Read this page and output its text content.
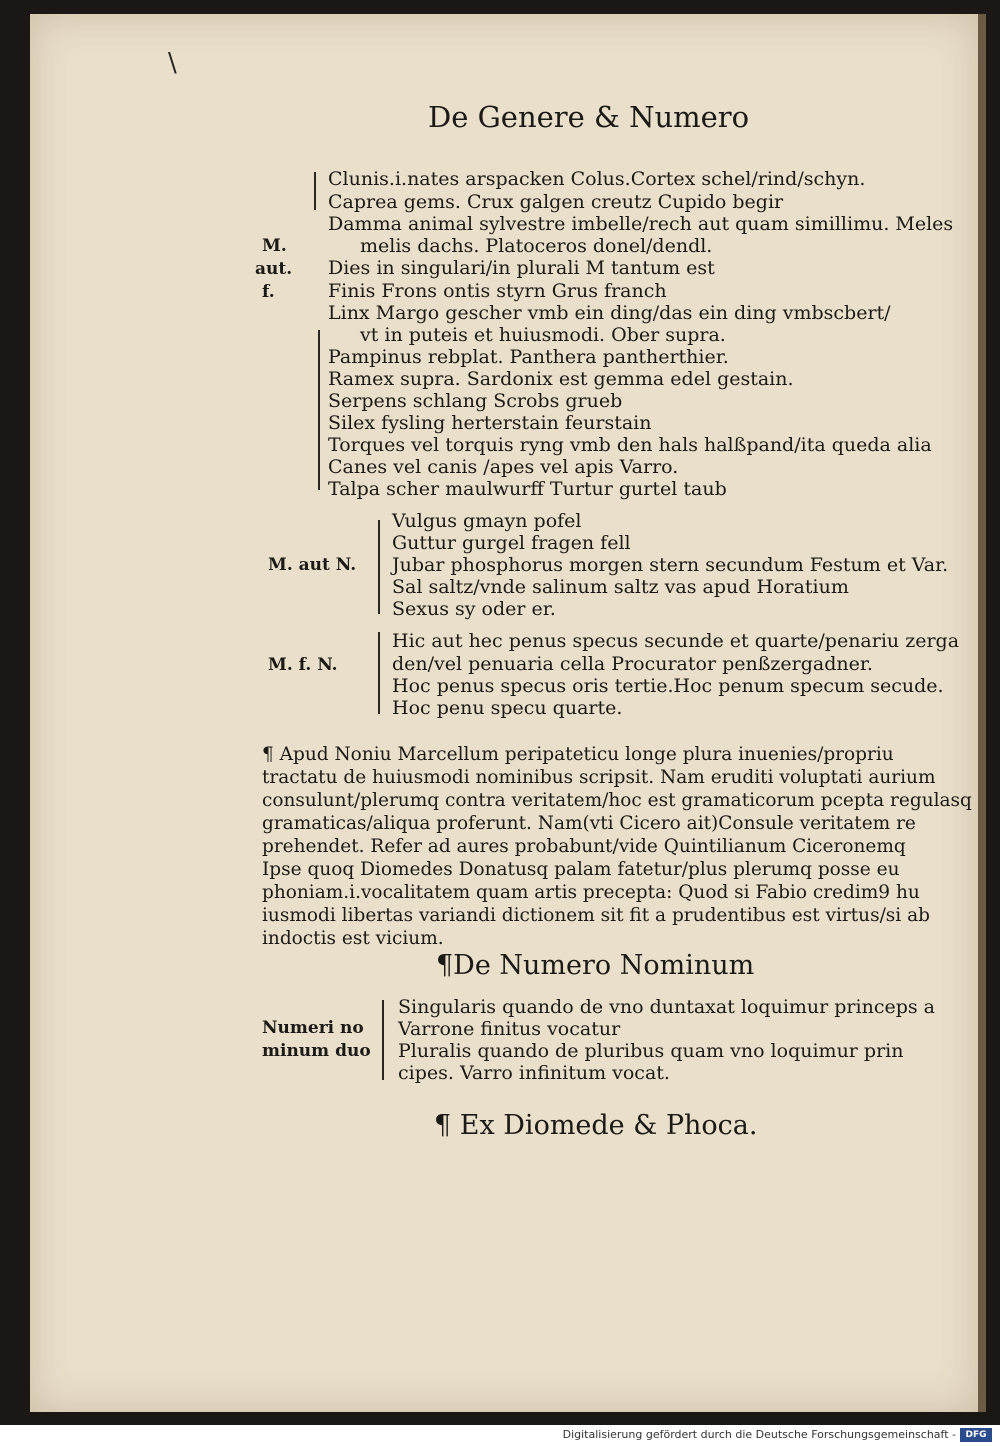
\
De Genere & Numero
M.
aut.
f.
M. aut N.
M. f. N.
Numeri no
minum duo
Clunis.i.nates arspacken Colus.Cortex schel/rind/schyn.
Caprea gems. Crux galgen creutz Cupido begir
Damma animal sylvestre imbelle/rech aut quam simillimu. Meles
melis dachs. Platoceros donel/dendl.
Dies in singulari/in plurali M tantum est
Finis Frons ontis styrn Grus franch
Linx Margo gescher vmb ein ding/das ein ding vmbscbert/
vt in puteis et huiusmodi. Ober supra.
Pampinus rebplat. Panthera pantherthier.
Ramex supra. Sardonix est gemma edel gestain.
Serpens schlang Scrobs grueb
Silex fysling herterstain feurstain
Torques vel torquis ryng vmb den hals halßpand/ita queda alia
Canes vel canis /apes vel apis Varro.
Talpa scher maulwurff Turtur gurtel taub
Vulgus gmayn pofel
Guttur gurgel fragen fell
Jubar phosphorus morgen stern secundum Festum et Var.
Sal saltz/vnde salinum saltz vas apud Horatium
Sexus sy oder er.
Hic aut hec penus specus secunde et quarte/penariu zerga
den/vel penuaria cella Procurator penßzergadner.
Hoc penus specus oris tertie.Hoc penum specum secude.
Hoc penu specu quarte.
¶ Apud Noniu Marcellum peripateticu longe plura inuenies/propriu
tractatu de huiusmodi nominibus scripsit. Nam eruditi voluptati aurium
consulunt/plerumq contra veritatem/hoc est gramaticorum pcepta regulasq
gramaticas/aliqua proferunt. Nam(vti Cicero ait)Consule veritatem re
prehendet. Refer ad aures probabunt/vide Quintilianum Ciceronemq
Ipse quoq Diomedes Donatusq palam fatetur/plus plerumq posse eu
phoniam.i.vocalitatem quam artis precepta: Quod si Fabio credim9 hu
iusmodi libertas variandi dictionem sit fit a prudentibus est virtus/si ab
indoctis est vicium.
¶De Numero Nominum
Singularis quando de vno duntaxat loquimur princeps a
Varrone finitus vocatur
Pluralis quando de pluribus quam vno loquimur prin
cipes. Varro infinitum vocat.
¶ Ex Diomede & Phoca.
Digitalisierung gefördert durch die Deutsche Forschungsgemeinschaft -	DFG
